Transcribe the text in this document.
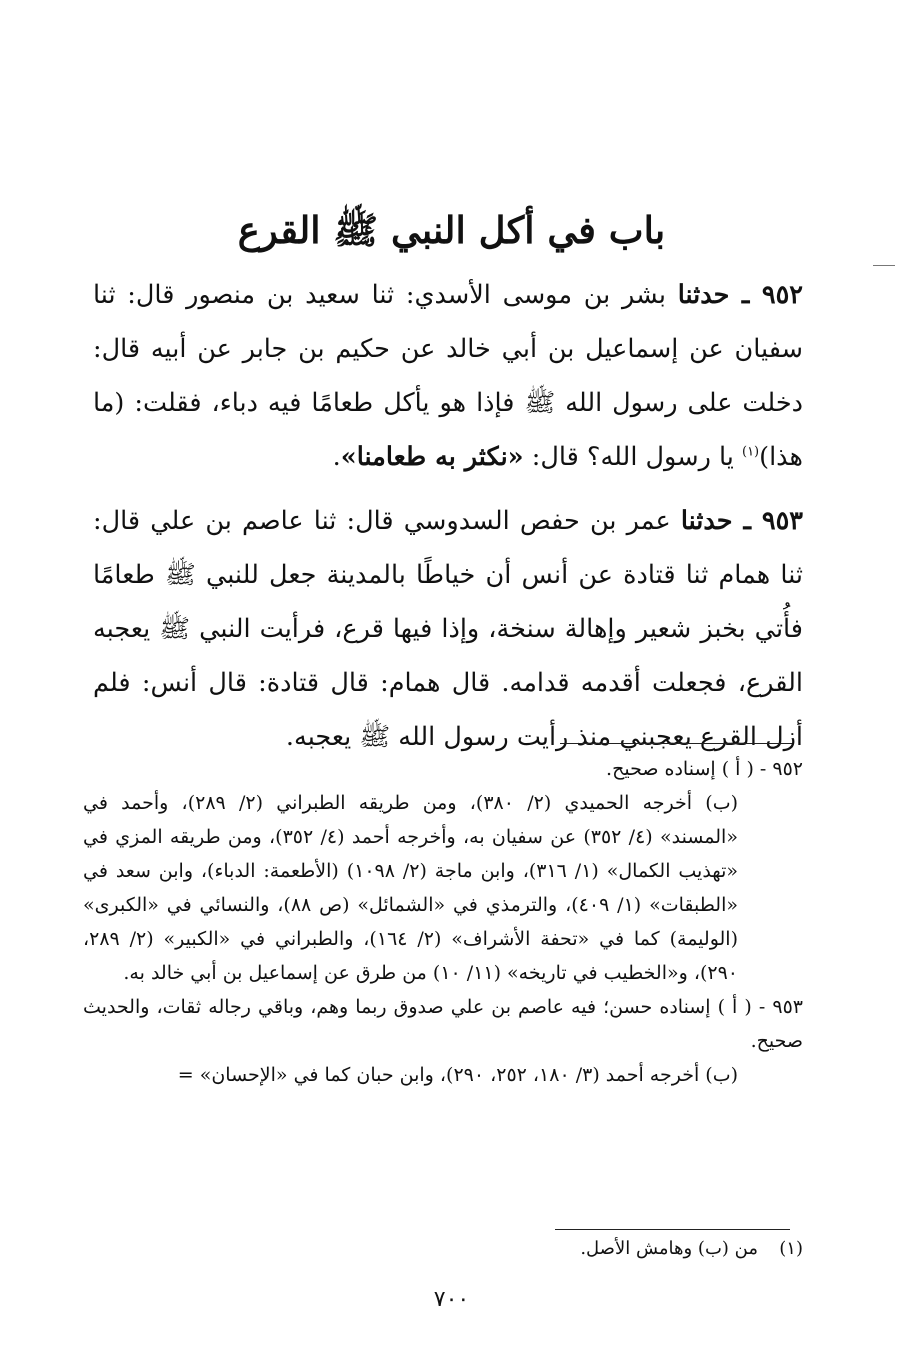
باب في أكل النبي ﷺ القرع

٩٥٢ ـ حدثنا بشر بن موسى الأسدي: ثنا سعيد بن منصور قال: ثنا سفيان عن إسماعيل بن أبي خالد عن حكيم بن جابر عن أبيه قال: دخلت على رسول الله ﷺ فإذا هو يأكل طعامًا فيه دباء، فقلت: (ما هذا)$^{(١)}$ يا رسول الله؟ قال: «نكثر به طعامنا».

٩٥٣ ـ حدثنا عمر بن حفص السدوسي قال: ثنا عاصم بن علي قال: ثنا همام ثنا قتادة عن أنس أن خياطًا بالمدينة جعل للنبي ﷺ طعامًا فأُتي بخبز شعير وإهالة سنخة، وإذا فيها قرع، فرأيت النبي ﷺ يعجبه القرع، فجعلت أقدمه قدامه. قال همام: قال قتادة: قال أنس: فلم أزل القرع يعجبني منذ رأيت رسول الله ﷺ يعجبه.

٩٥٢ - ( أ ) إسناده صحيح.

(ب) أخرجه الحميدي (٢/ ٣٨٠)، ومن طريقه الطبراني (٢/ ٢٨٩)، وأحمد في «المسند» (٤/ ٣٥٢) عن سفيان به، وأخرجه أحمد (٤/ ٣٥٢)، ومن طريقه المزي في «تهذيب الكمال» (١/ ٣١٦)، وابن ماجة (٢/ ١٠٩٨) (الأطعمة: الدباء)، وابن سعد في «الطبقات» (١/ ٤٠٩)، والترمذي في «الشمائل» (ص ٨٨)، والنسائي في «الكبرى» (الوليمة) كما في «تحفة الأشراف» (٢/ ١٦٤)، والطبراني في «الكبير» (٢/ ٢٨٩، ٢٩٠)، و«الخطيب في تاريخه» (١١/ ١٠) من طرق عن إسماعيل بن أبي خالد به.

٩٥٣ - ( أ ) إسناده حسن؛ فيه عاصم بن علي صدوق ربما وهم، وباقي رجاله ثقات، والحديث صحيح.

(ب) أخرجه أحمد (٣/ ١٨٠، ٢٥٢، ٢٩٠)، وابن حبان كما في «الإحسان» =

(١)من (ب) وهامش الأصل.
٧٠٠
